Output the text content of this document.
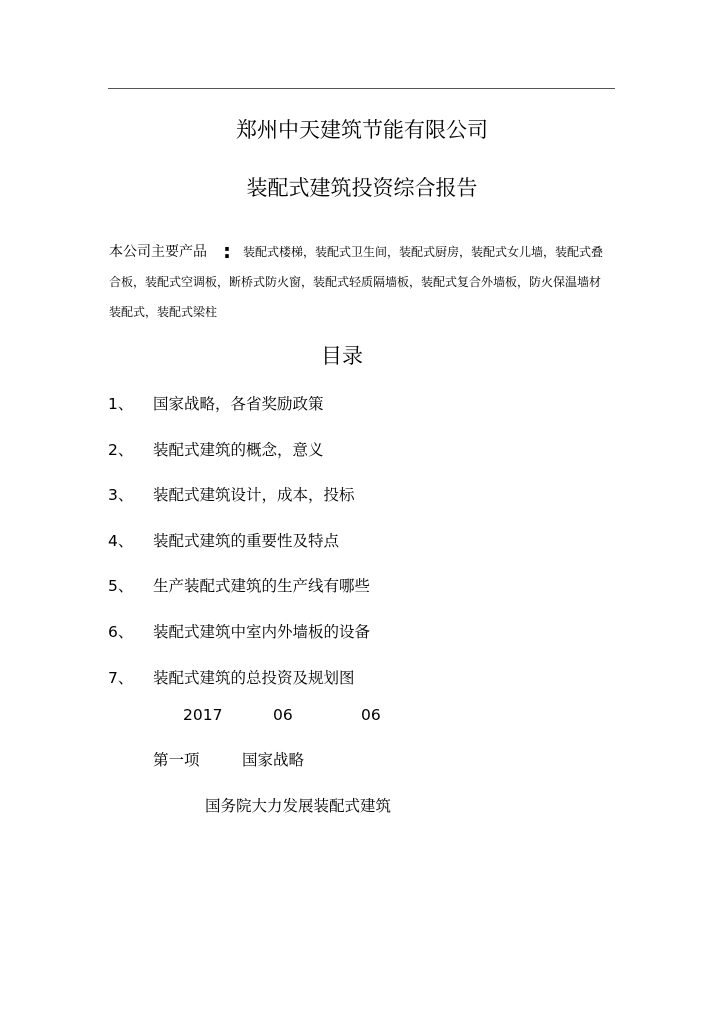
郑州中天建筑节能有限公司
装配式建筑投资综合报告
本公司主要产品 : 装配式楼梯，装配式卫生间，装配式厨房，装配式女儿墙，装配式叠合板，装配式空调板，断桥式防火窗，装配式轻质隔墙板，装配式复合外墙板，防火保温墙材装配式，装配式梁柱
目录
1、	国家战略，各省奖励政策
2、	装配式建筑的概念，意义
3、	装配式建筑设计，成本，投标
4、	装配式建筑的重要性及特点
5、	生产装配式建筑的生产线有哪些
6、	装配式建筑中室内外墙板的设备
7、	装配式建筑的总投资及规划图
2017	06	06
第一项	国家战略
国务院大力发展装配式建筑
